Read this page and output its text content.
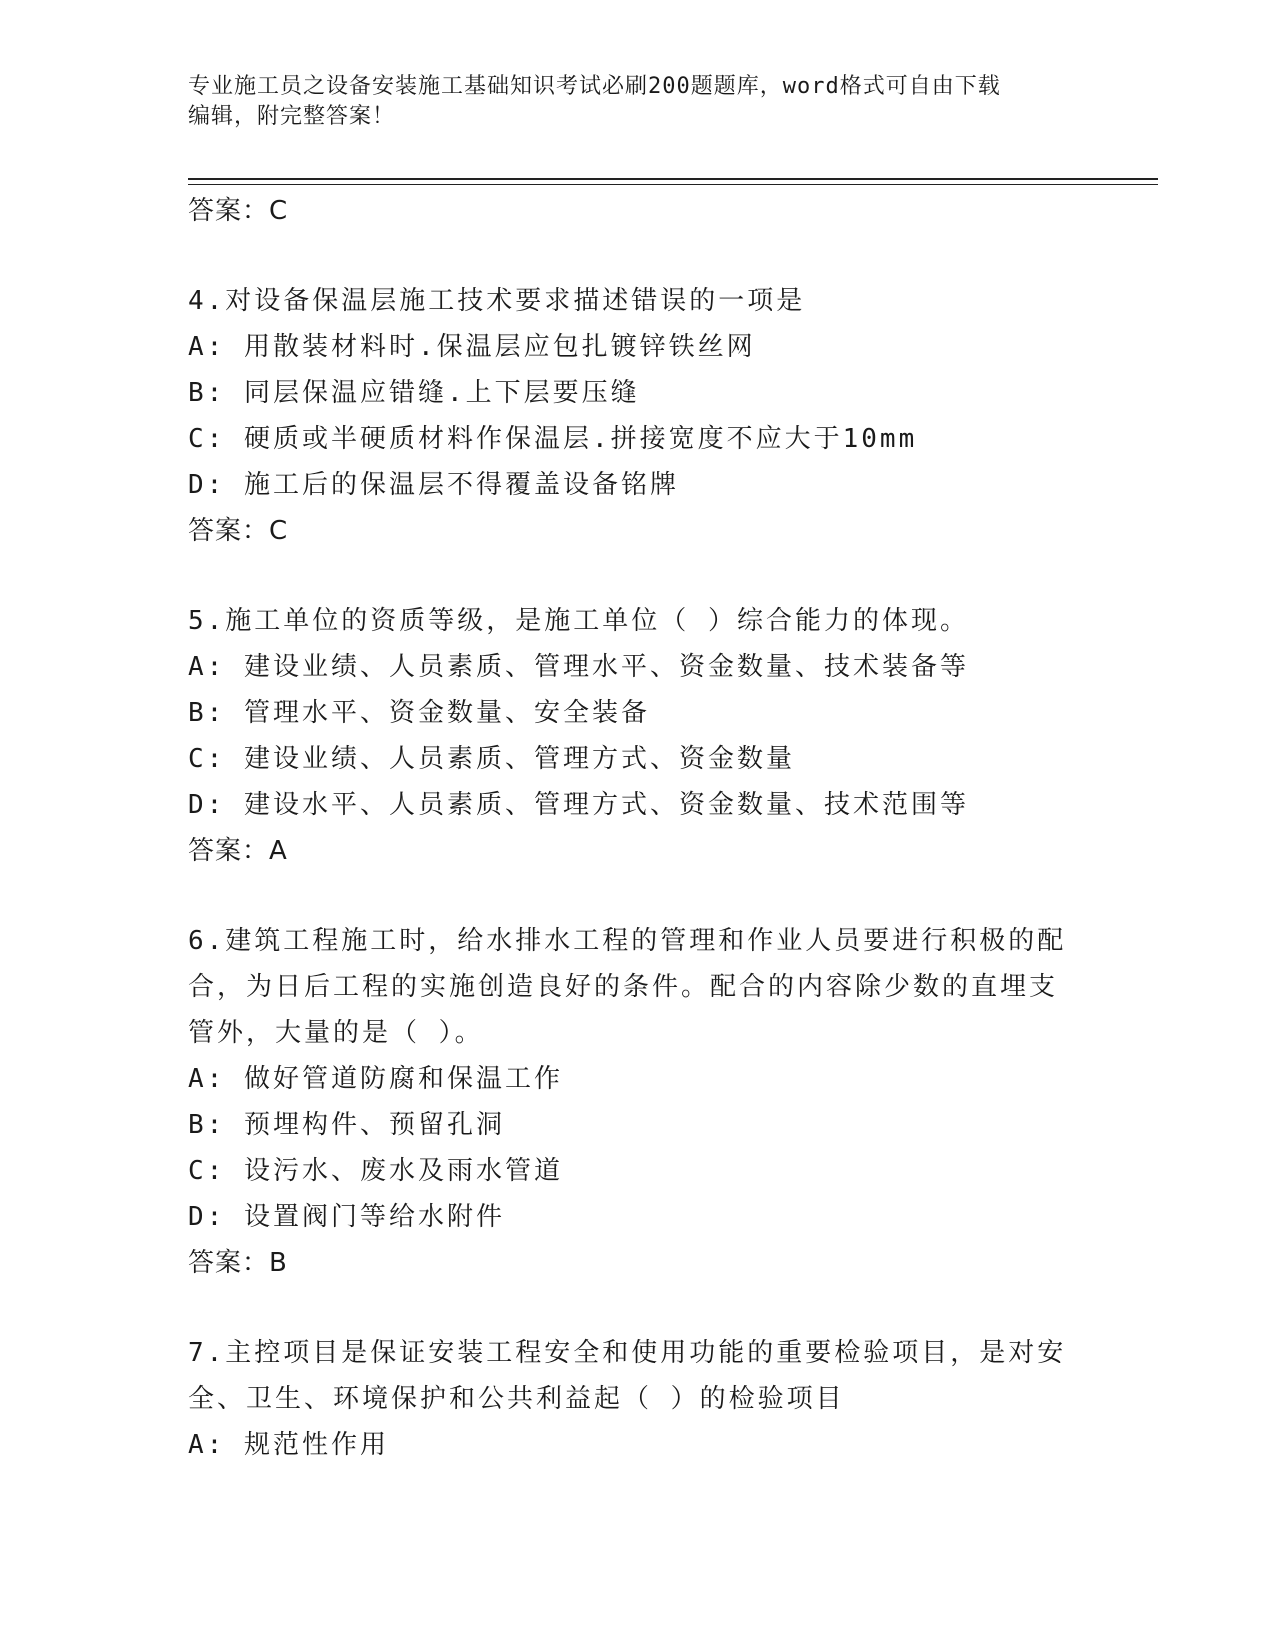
专业施工员之设备安装施工基础知识考试必刷200题题库，word格式可自由下载
编辑，附完整答案！
答案：C
4.对设备保温层施工技术要求描述错误的一项是
A: 用散装材料时.保温层应包扎镀锌铁丝网
B: 同层保温应错缝.上下层要压缝
C: 硬质或半硬质材料作保温层.拼接宽度不应大于10mm
D: 施工后的保温层不得覆盖设备铭牌
答案：C
5.施工单位的资质等级，是施工单位（ ）综合能力的体现。
A: 建设业绩、人员素质、管理水平、资金数量、技术装备等
B: 管理水平、资金数量、安全装备
C: 建设业绩、人员素质、管理方式、资金数量
D: 建设水平、人员素质、管理方式、资金数量、技术范围等
答案：A
6.建筑工程施工时，给水排水工程的管理和作业人员要进行积极的配合，为日后工程的实施创造良好的条件。配合的内容除少数的直埋支管外，大量的是（ ）。
A: 做好管道防腐和保温工作
B: 预埋构件、预留孔洞
C: 设污水、废水及雨水管道
D: 设置阀门等给水附件
答案：B
7.主控项目是保证安装工程安全和使用功能的重要检验项目，是对安全、卫生、环境保护和公共利益起（ ）的检验项目
A: 规范性作用
